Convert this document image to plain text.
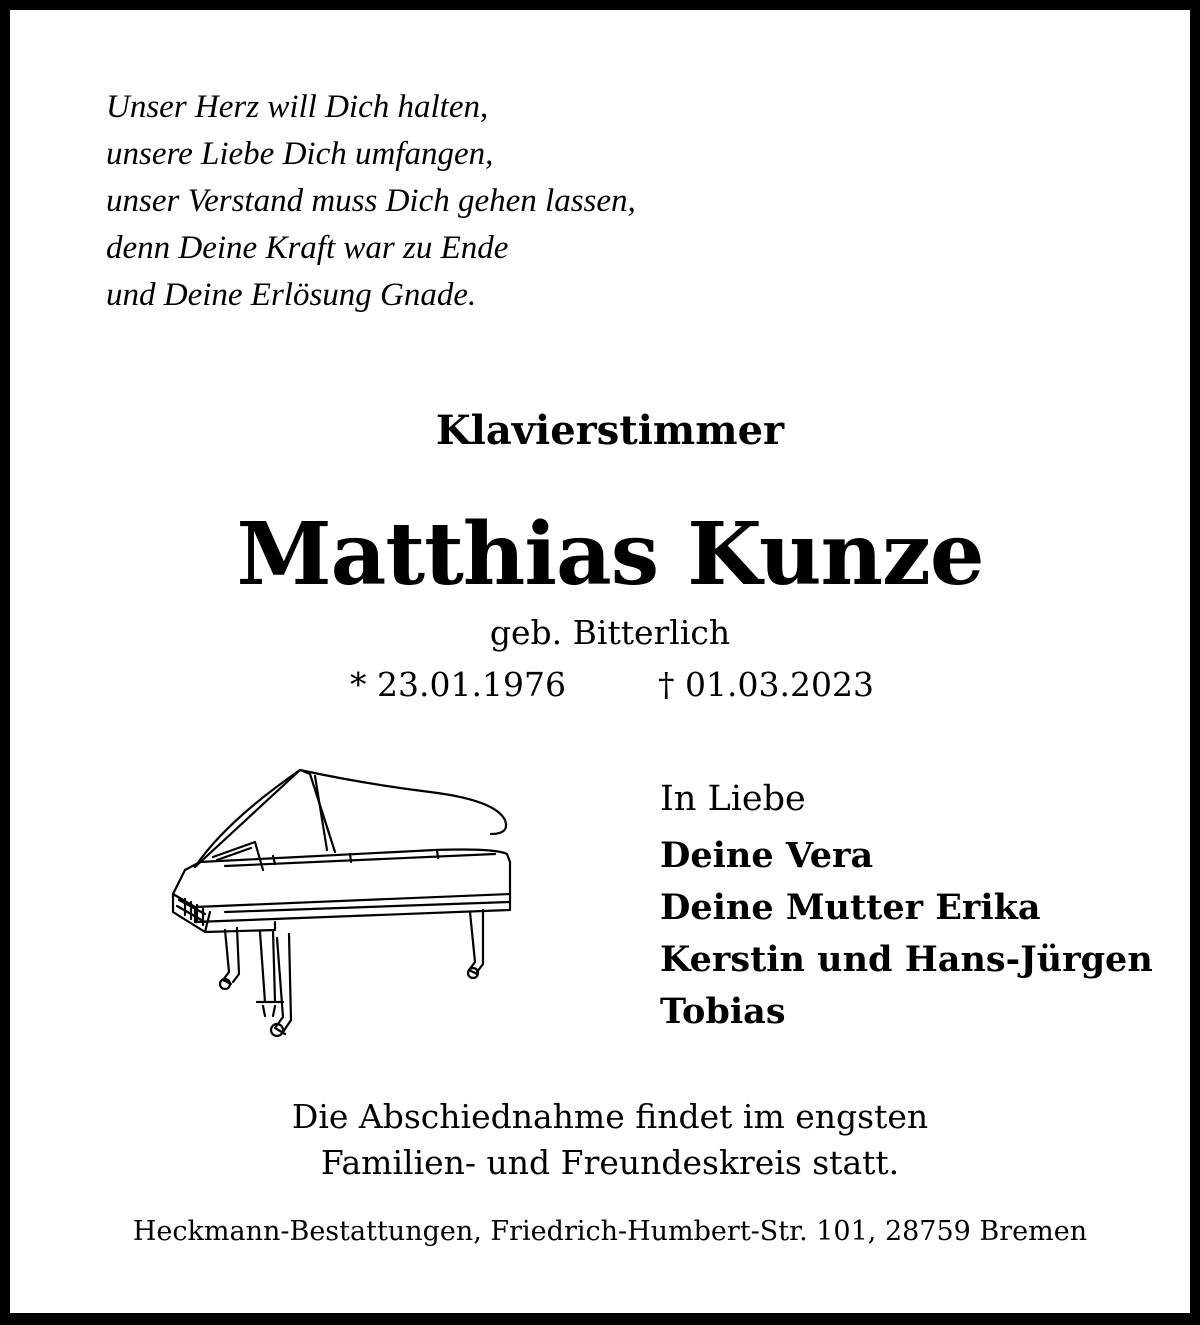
Unser Herz will Dich halten,
unsere Liebe Dich umfangen,
unser Verstand muss Dich gehen lassen,
denn Deine Kraft war zu Ende
und Deine Erlösung Gnade.
Klavierstimmer
Matthias Kunze
geb. Bitterlich
* 23.01.1976	† 01.03.2023
In Liebe
Deine Vera
Deine Mutter Erika
Kerstin und Hans-Jürgen
Tobias
Die Abschiednahme findet im engsten
Familien- und Freundeskreis statt.
Heckmann-Bestattungen, Friedrich-Humbert-Str. 101, 28759 Bremen
